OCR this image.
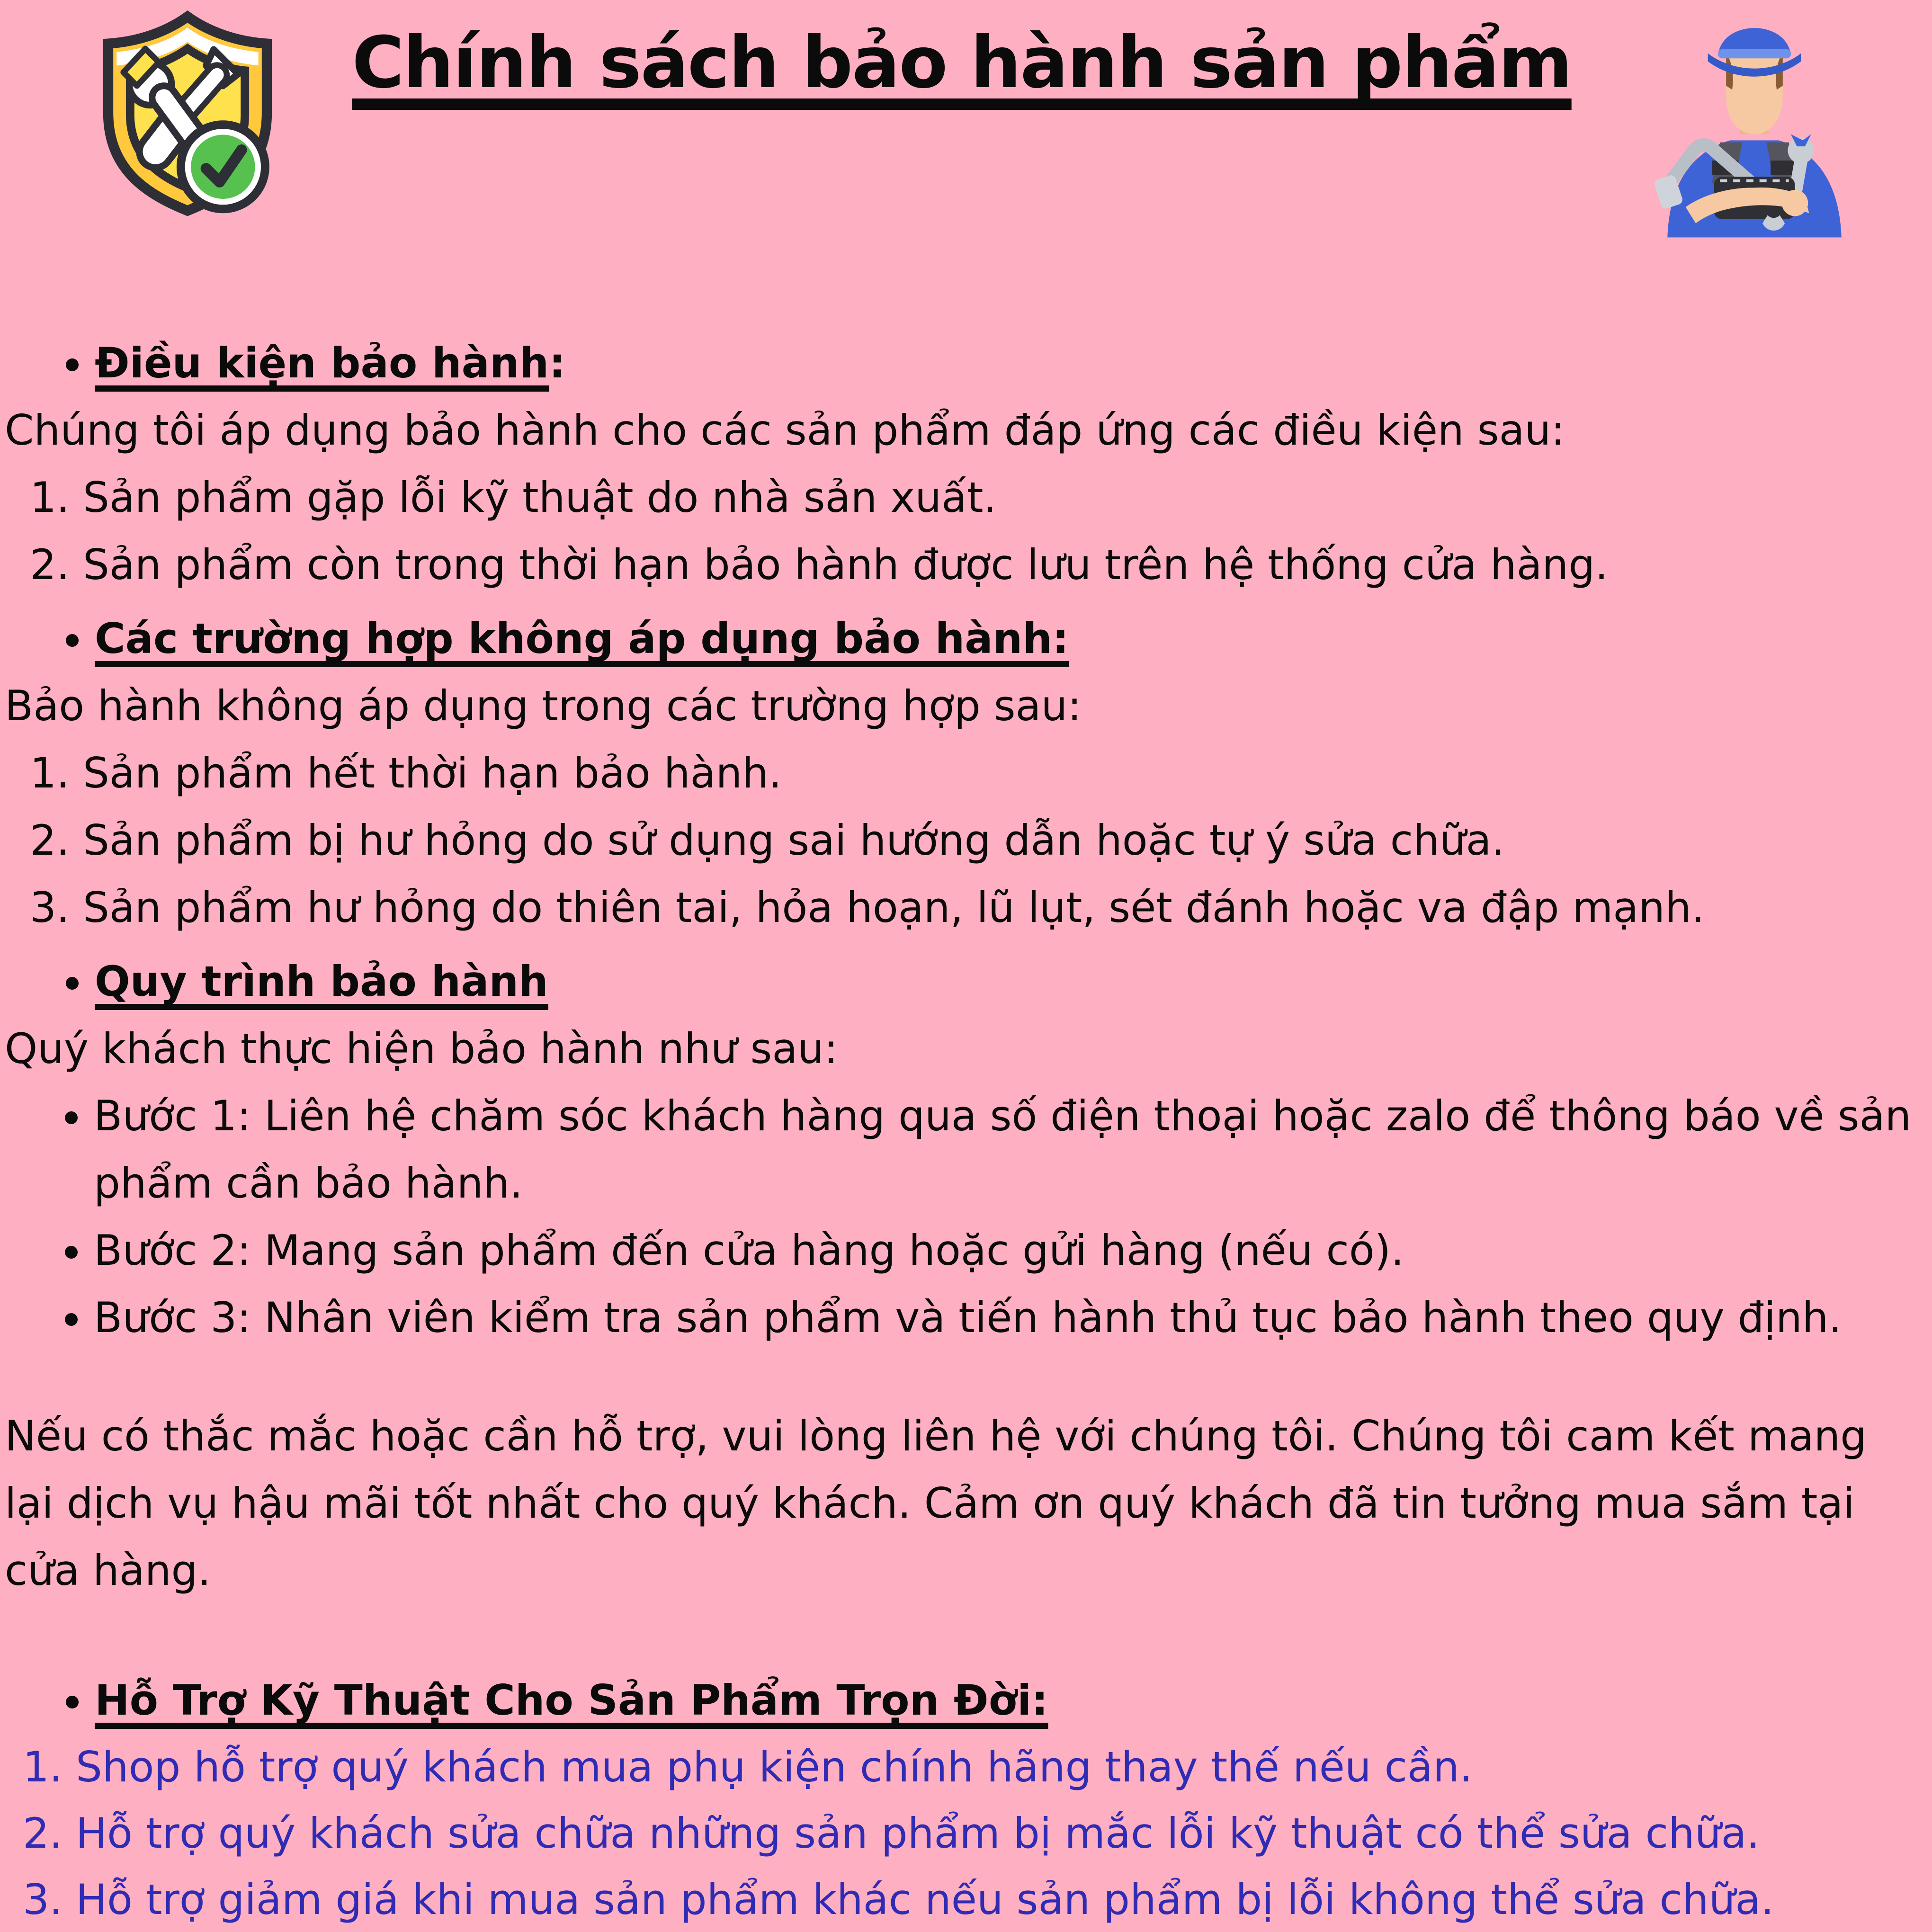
Chính sách bảo hành sản phẩm
• Điều kiện bảo hành:

Chúng tôi áp dụng bảo hành cho các sản phẩm đáp ứng các điều kiện sau:

1. Sản phẩm gặp lỗi kỹ thuật do nhà sản xuất.
2. Sản phẩm còn trong thời hạn bảo hành được lưu trên hệ thống cửa hàng.
• Các trường hợp không áp dụng bảo hành:

Bảo hành không áp dụng trong các trường hợp sau:

1. Sản phẩm hết thời hạn bảo hành.
2. Sản phẩm bị hư hỏng do sử dụng sai hướng dẫn hoặc tự ý sửa chữa.
3. Sản phẩm hư hỏng do thiên tai, hỏa hoạn, lũ lụt, sét đánh hoặc va đập mạnh.
• Quy trình bảo hành

Quý khách thực hiện bảo hành như sau:

• Bước 1: Liên hệ chăm sóc khách hàng qua số điện thoại hoặc zalo để thông báo về sản phẩm cần bảo hành.
• Bước 2: Mang sản phẩm đến cửa hàng hoặc gửi hàng (nếu có).
• Bước 3: Nhân viên kiểm tra sản phẩm và tiến hành thủ tục bảo hành theo quy định.

Nếu có thắc mắc hoặc cần hỗ trợ, vui lòng liên hệ với chúng tôi. Chúng tôi cam kết mang lại dịch vụ hậu mãi tốt nhất cho quý khách. Cảm ơn quý khách đã tin tưởng mua sắm tại cửa hàng.

• Hỗ Trợ Kỹ Thuật Cho Sản Phẩm Trọn Đời:
1. Shop hỗ trợ quý khách mua phụ kiện chính hãng thay thế nếu cần.
2. Hỗ trợ quý khách sửa chữa những sản phẩm bị mắc lỗi kỹ thuật có thể sửa chữa.
3. Hỗ trợ giảm giá khi mua sản phẩm khác nếu sản phẩm bị lỗi không thể sửa chữa.
